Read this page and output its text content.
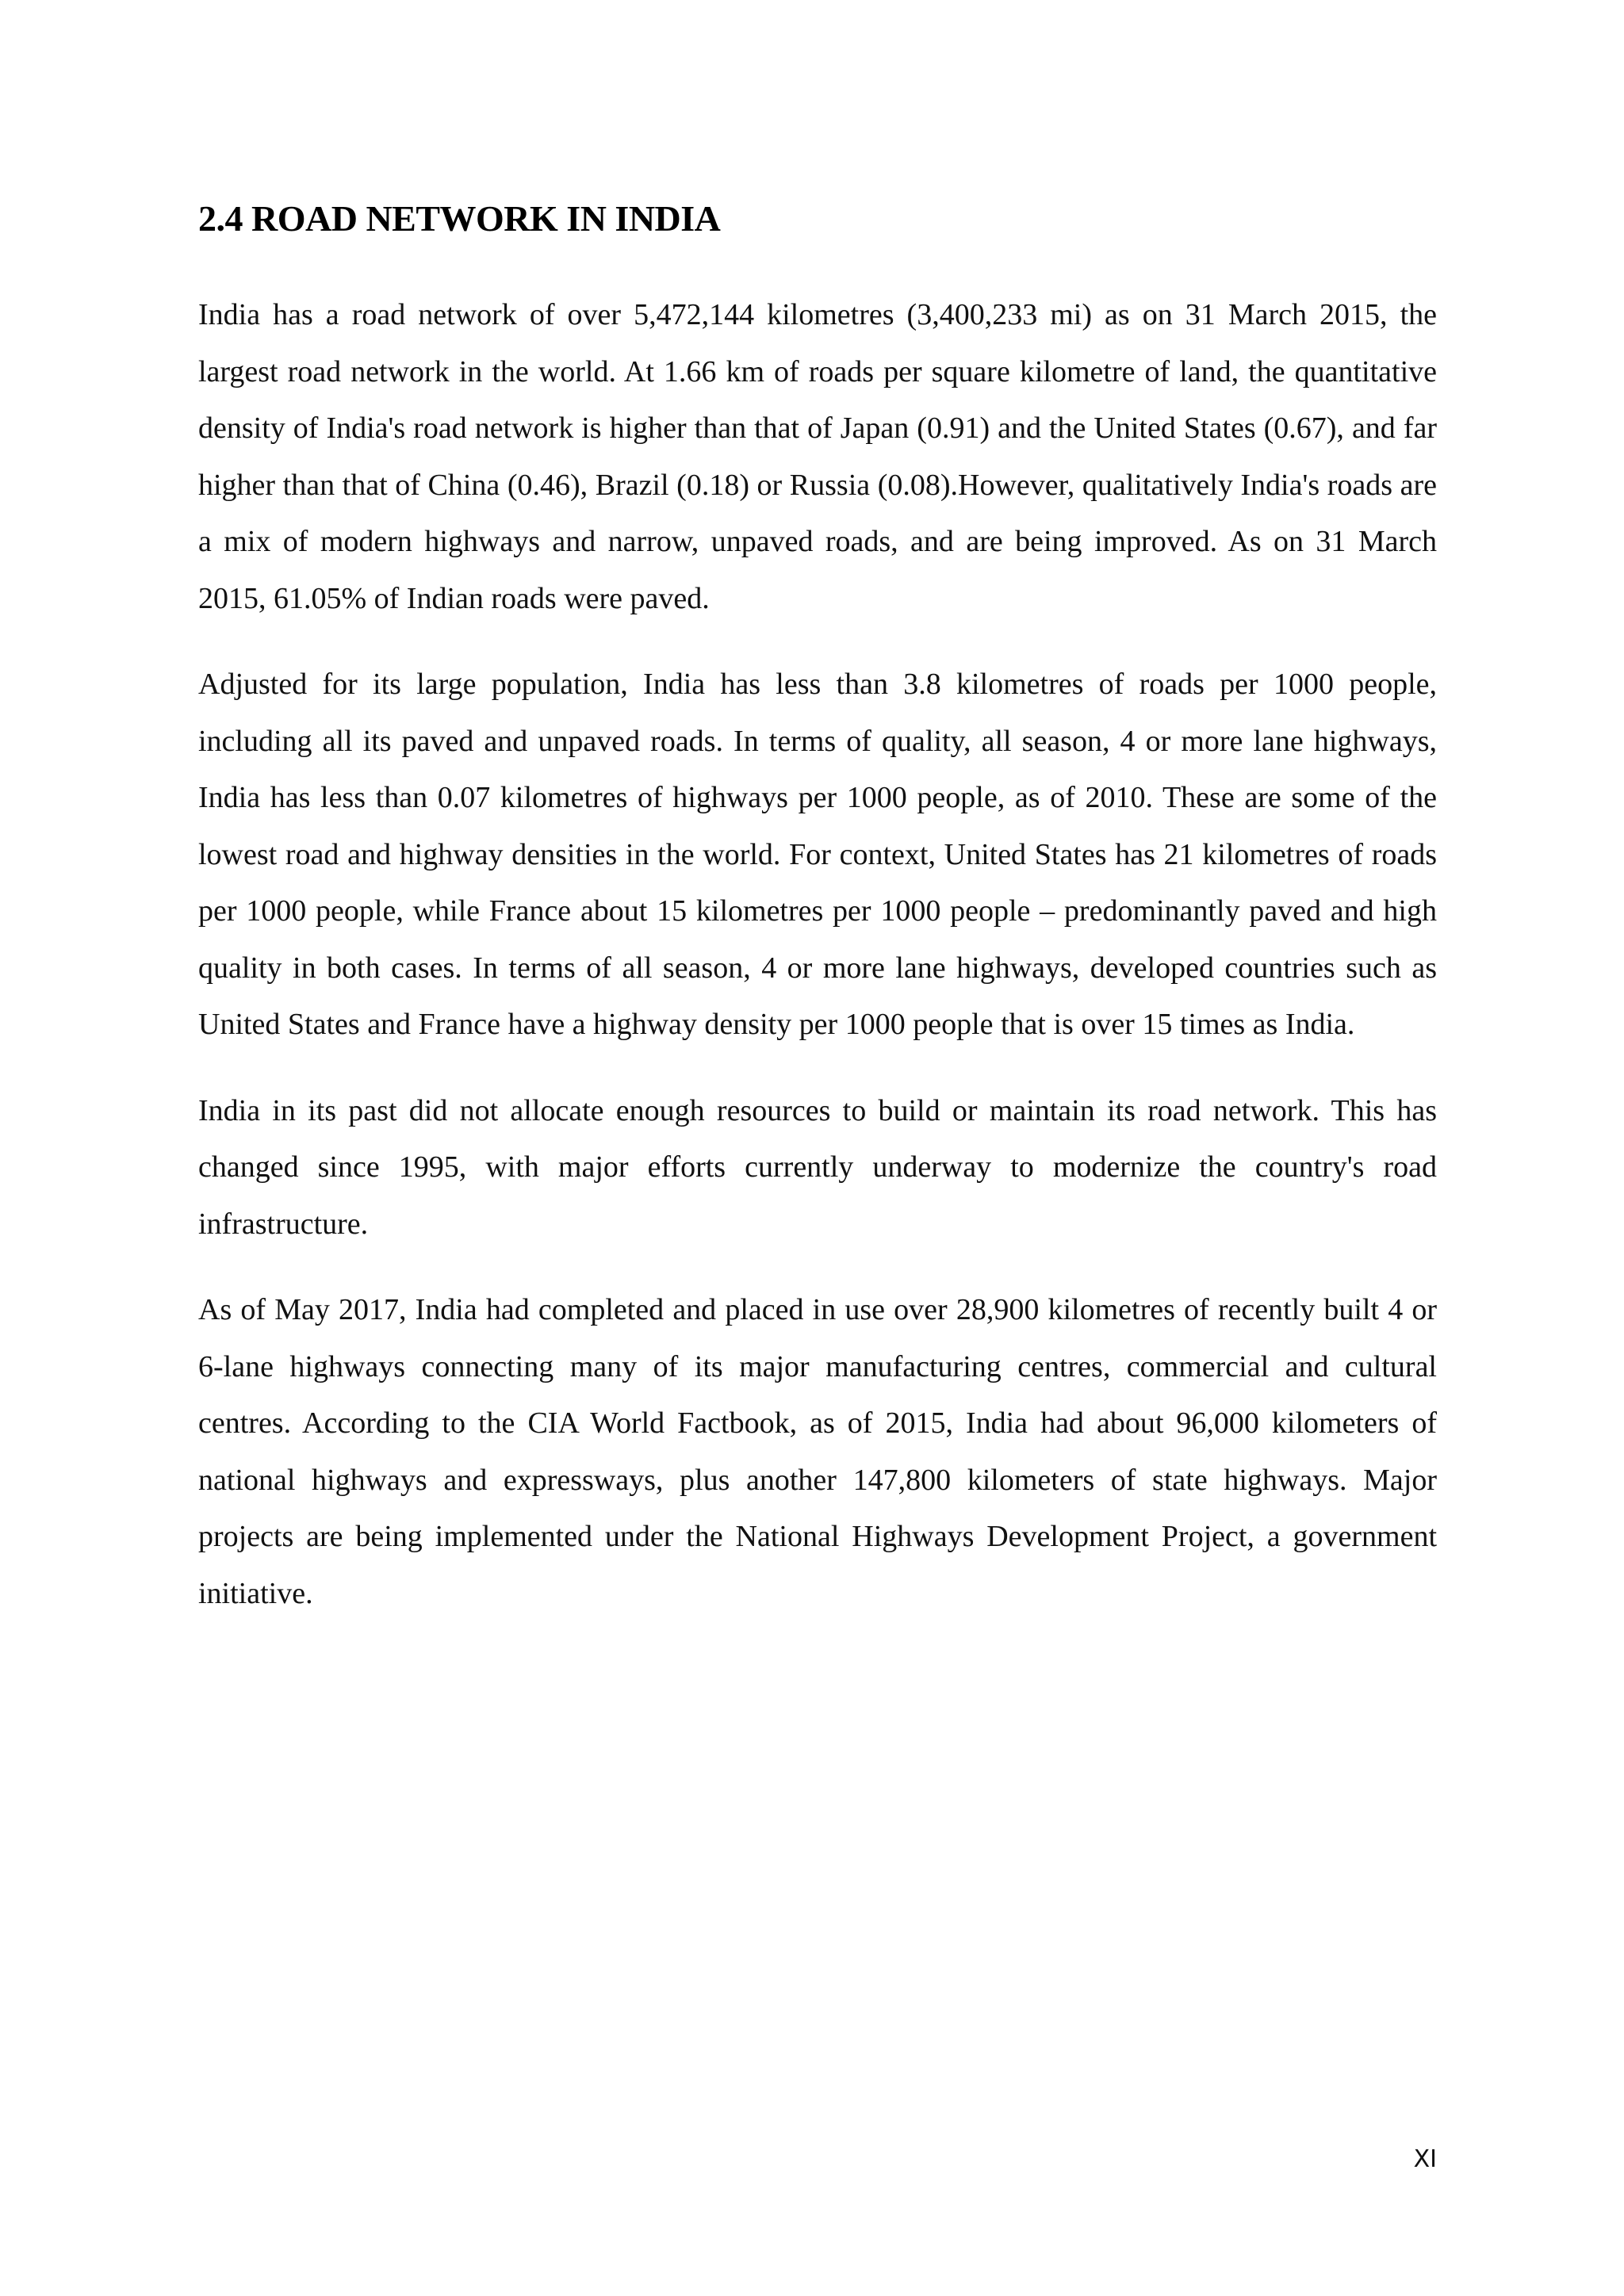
2.4 ROAD NETWORK IN INDIA

India has a road network of over 5,472,144 kilometres (3,400,233 mi) as on 31 March 2015, the largest road network in the world. At 1.66 km of roads per square kilometre of land, the quantitative density of India's road network is higher than that of Japan (0.91) and the United States (0.67), and far higher than that of China (0.46), Brazil (0.18) or Russia (0.08).However, qualitatively India's roads are a mix of modern highways and narrow, unpaved roads, and are being improved. As on 31 March 2015, 61.05% of Indian roads were paved.

Adjusted for its large population, India has less than 3.8 kilometres of roads per 1000 people, including all its paved and unpaved roads. In terms of quality, all season, 4 or more lane highways, India has less than 0.07 kilometres of highways per 1000 people, as of 2010. These are some of the lowest road and highway densities in the world. For context, United States has 21 kilometres of roads per 1000 people, while France about 15 kilometres per 1000 people – predominantly paved and high quality in both cases. In terms of all season, 4 or more lane highways, developed countries such as United States and France have a highway density per 1000 people that is over 15 times as India.

India in its past did not allocate enough resources to build or maintain its road network. This has changed since 1995, with major efforts currently underway to modernize the country's road infrastructure.

As of May 2017, India had completed and placed in use over 28,900 kilometres of recently built 4 or 6-lane highways connecting many of its major manufacturing centres, commercial and cultural centres. According to the CIA World Factbook, as of 2015, India had about 96,000 kilometers of national highways and expressways, plus another 147,800 kilometers of state highways. Major projects are being implemented under the National Highways Development Project, a government initiative.

XI
